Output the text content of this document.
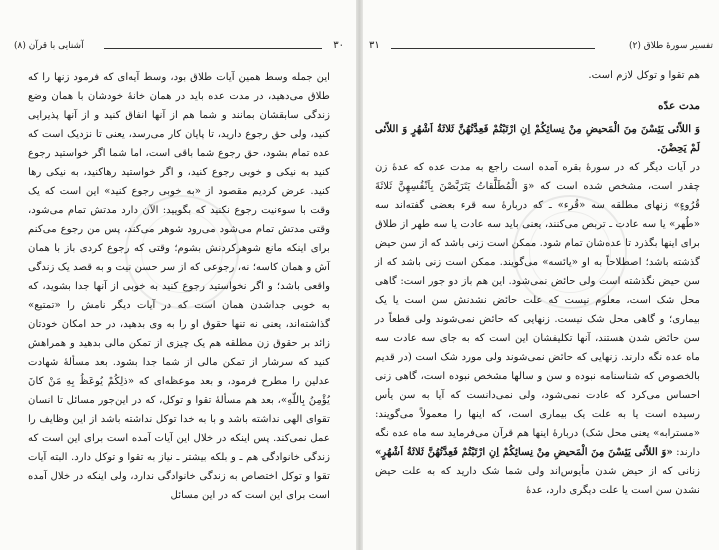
۳۰
آشنایی با قرآن (۸)

این جمله وسط همین آیات طلاق بود، وسط آیه‌ای که فرمود زنها را که طلاق می‌دهید، در مدت عده باید در همان خانهٔ خودشان با همان وضع زندگی سابقشان بمانند و شما هم از آنها انفاق کنید و از آنها پذیرایی کنید، ولی حق رجوع دارید، تا پایان کار می‌رسد، یعنی تا نزدیک است که عده تمام بشود، حق رجوع شما باقی است، اما شما اگر خواستید رجوع کنید به نیکی و خوبی رجوع کنید، و اگر خواستید رهاکنید، به نیکی رها کنید. عرض کردیم مقصود از «به خوبی رجوع کنید» این است که یک وقت با سوءنیت رجوع نکنید که بگویید: الآن دارد مدتش تمام می‌شود، وقتی مدتش تمام می‌شود می‌رود شوهر می‌کند، پس من رجوع می‌کنم برای اینکه مانع شوهرکردنش بشوم؛ وقتی که رجوع کردی باز با همان آش و همان کاسه؛ نه، رجوعی که از سر حسن نیت و به قصد یک زندگی واقعی باشد؛ و اگر نخواستید رجوع کنید به خوبی از آنها جدا بشوید، که به خوبی جداشدن همان است که در آیات دیگر نامش را «تمتیع» گذاشته‌اند، یعنی نه تنها حقوق او را به وی بدهید، در حد امکان خودتان زائد بر حقوق زن مطلقه هم یک چیزی از تمکن مالی بدهید و همراهش کنید که سرشار از تمکن مالی از شما جدا بشود. بعد مسألهٔ شهادت عدلین را مطرح فرمود، و بعد موعظه‌ای که «ذلِکُمْ یُوعَظُ بِهِ مَنْ کانَ یُؤْمِنُ بِاللّهِ»، بعد هم مسألهٔ تقوا و توکل، که در این‌جور مسائل تا انسان تقوای الهی نداشته باشد و با به خدا توکل نداشته باشد از این وظایف را عمل نمی‌کند. پس اینکه در خلال این آیات آمده است برای این است که زندگی خانوادگی هم ـ و بلکه بیشتر ـ نیاز به تقوا و توکل دارد. البته آیات تقوا و توکل اختصاص به زندگی خانوادگی ندارد، ولی اینکه در خلال آمده است برای این است که در این مسائل

تفسیر سورهٔ طلاق (۲)
۳۱

هم تقوا و توکل لازم است.

مدت عدّه

وَ اللاّئی یَئِسْنَ مِنَ الْمَحیضِ مِنْ نِسائِکُمْ اِنِ ارْتَبْتُمْ فَعِدَّتُهُنَّ ثَلاثَةُ اَشْهُرٍ وَ اللاّئی لَمْ یَحِضْنَ.

در آیات دیگر که در سورهٔ بقره آمده است راجع به مدت عده که عدهٔ زن چقدر است، مشخص شده است که «وَ الْمُطَلَّقاتُ یَتَرَبَّصْنَ بِاَنْفُسِهِنَّ ثَلاثَةَ قُرُوءٍ» زنهای مطلقه سه «قُرء» ـ که دربارهٔ سه قرء بعضی گفته‌اند سه «طُهر» یا سه عادت ـ تربص می‌کنند، یعنی باید سه عادت یا سه طهر از طلاق برای اینها بگذرد تا عده‌شان تمام شود. ممکن است زنی باشد که از سن حیض گذشته باشد؛ اصطلاحاً به او «یائسه» می‌گویند. ممکن است زنی باشد که از سن حیض نگذشته است ولی حائض نمی‌شود. این هم باز دو جور است: گاهی محل شک است، معلوم نیست که علت حائض نشدنش سن است یا یک بیماری؛ و گاهی محل شک نیست. زنهایی که حائض نمی‌شوند ولی قطعاً در سن حائض شدن هستند، آنها تکلیفشان این است که به جای سه عادت سه ماه عده نگه دارند. زنهایی که حائض نمی‌شوند ولی مورد شک است (در قدیم بالخصوص که شناسنامه نبوده و سن و سالها مشخص نبوده است، گاهی زنی احساس می‌کرد که عادت نمی‌شود، ولی نمی‌دانست که آیا به سن یأس رسیده است یا به علت یک بیماری است، که اینها را معمولاً می‌گویند: «مسترابه» یعنی محل شک) دربارهٔ اینها هم قرآن می‌فرماید سه ماه عده نگه دارند: «وَ اللاّئی یَئِسْنَ مِنَ الْمَحیضِ مِنْ نِسائِکُمْ اِنِ ارْتَبْتُمْ فَعِدَّتُهُنَّ ثَلاثَةُ اَشْهُرٍ» زنانی که از حیض شدن مأیوس‌اند ولی شما شک دارید که به علت حیض نشدن سن است یا علت دیگری دارد، عدهٔ
